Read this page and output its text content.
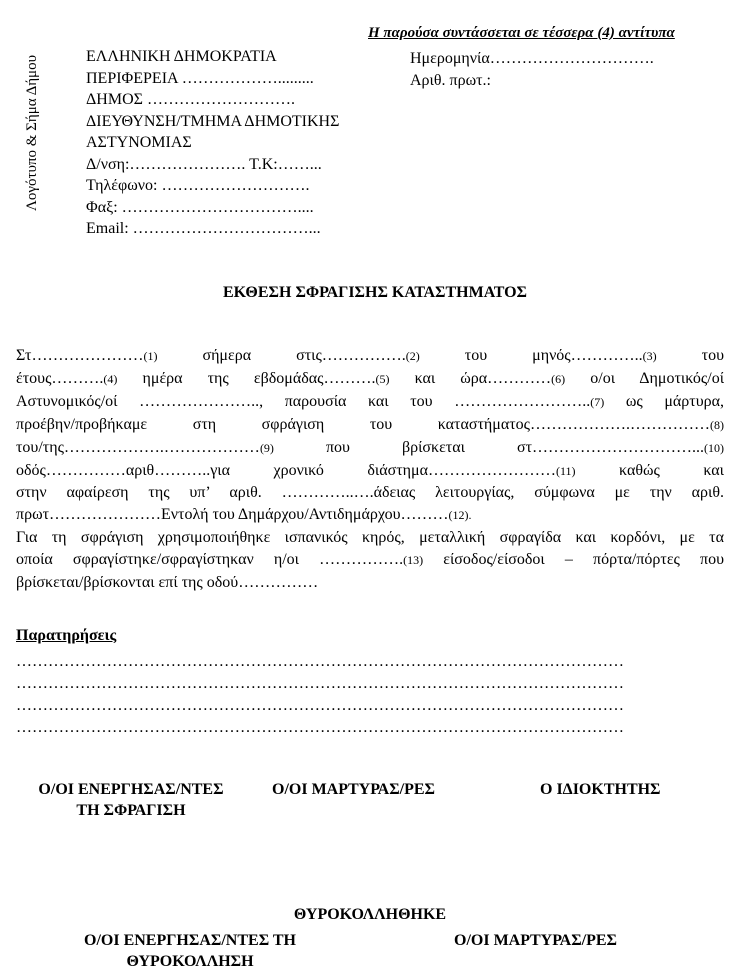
Η παρούσα συντάσσεται σε τέσσερα (4) αντίτυπα
Λογότυπο & Σήμα Δήμου	ΕΛΛΗΝΙΚΗ ΔΗΜΟΚΡΑΤΙΑ
ΠΕΡΙΦΕΡΕΙΑ ……………….........
ΔΗΜΟΣ ……………………….
ΔΙΕΥΘΥΝΣΗ/ΤΜΗΜΑ ΔΗΜΟΤΙΚΗΣ
ΑΣΤΥΝΟΜΙΑΣ
Δ/νση:…………………. Τ.Κ:……...
Τηλέφωνο: ……………………….
Φαξ: ……………………………....
Email: ……………………………...
Ημερομηνία………………………….
Αριθ. πρωτ.:
ΕΚΘΕΣΗ ΣΦΡΑΓΙΣΗΣ ΚΑΤΑΣΤΗΜΑΤΟΣ

Στ…………………(1) σήμερα στις…………….(2) του μηνός…………..(3) του

έτους……….(4) ημέρα της εβδομάδας……….(5) και ώρα…………(6) ο/οι Δημοτικός/οί

Αστυνομικός/οί ………………….., παρουσία και του ……………………..(7) ως μάρτυρα,

προέβην/προβήκαμε στη σφράγιση του καταστήματος……………….……………(8)

του/της……………….………………(9) που βρίσκεται στ…………………………...(10)

οδός……………αριθ………..για χρονικό διάστημα……………………(11) καθώς και

στην αφαίρεση της υπ’ αριθ. …………..….άδειας λειτουργίας, σύμφωνα με την αριθ.

πρωτ…………………Εντολή του Δημάρχου/Αντιδημάρχου………(12).

Για τη σφράγιση χρησιμοποιήθηκε ισπανικός κηρός, μεταλλική σφραγίδα και κορδόνι, με τα

οποία σφραγίστηκε/σφραγίστηκαν η/οι …………….(13) είσοδος/είσοδοι – πόρτα/πόρτες που

βρίσκεται/βρίσκονται επί της οδού……………

Παρατηρήσεις
……………………………………………………………………………………………………
……………………………………………………………………………………………………
……………………………………………………………………………………………………
……………………………………………………………………………………………………
Ο/ΟΙ ΕΝΕΡΓΗΣΑΣ/ΝΤΕΣ
ΤΗ ΣΦΡΑΓΙΣΗ
Ο/ΟΙ ΜΑΡΤΥΡΑΣ/ΡΕΣ	Ο ΙΔΙΟΚΤΗΤΗΣ
ΘΥΡΟΚΟΛΛΗΘΗΚΕ
Ο/ΟΙ ΕΝΕΡΓΗΣΑΣ/ΝΤΕΣ ΤΗ
ΘΥΡΟΚΟΛΛΗΣΗ
Ο/ΟΙ ΜΑΡΤΥΡΑΣ/ΡΕΣ
